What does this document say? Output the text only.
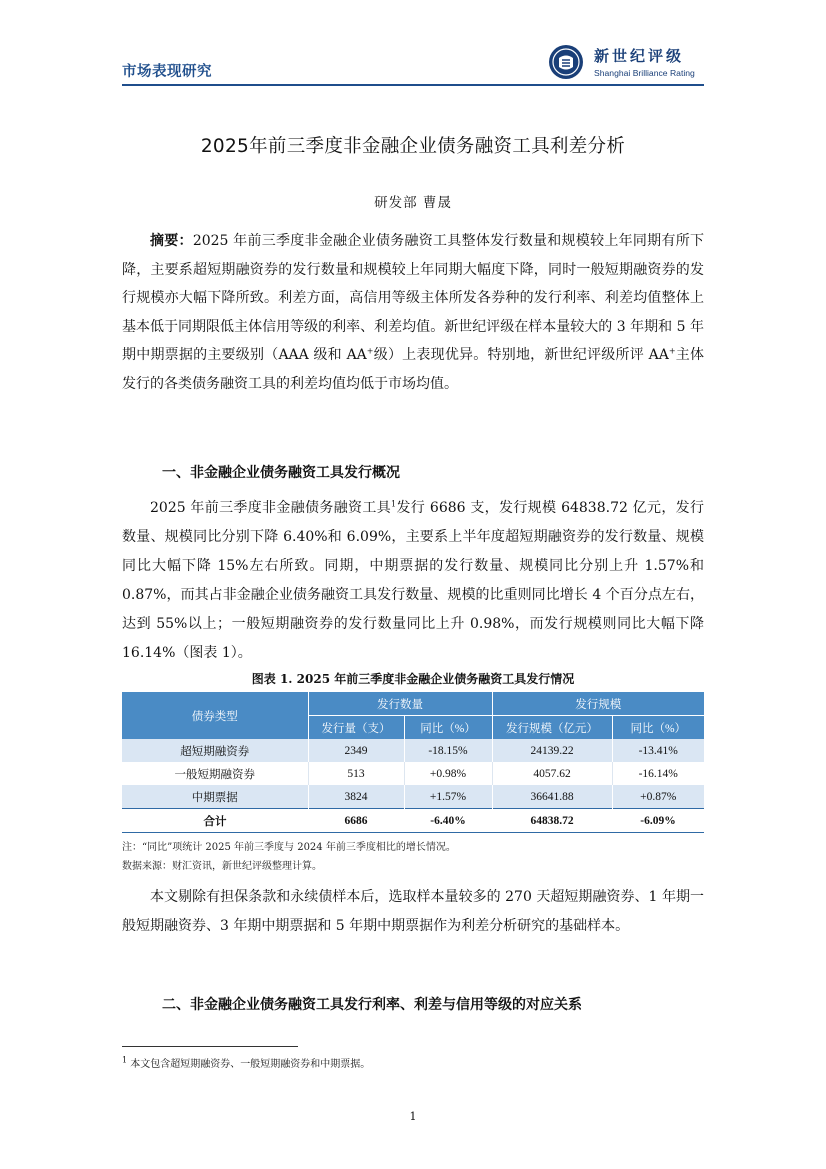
市场表现研究
新世纪评级
Shanghai Brilliance Rating
2025年前三季度非金融企业债务融资工具利差分析
研发部 曹晟
摘要：2025 年前三季度非金融企业债务融资工具整体发行数量和规模较上年同期有所下降，主要系超短期融资券的发行数量和规模较上年同期大幅度下降，同时一般短期融资券的发行规模亦大幅下降所致。利差方面，高信用等级主体所发各券种的发行利率、利差均值整体上基本低于同期限低主体信用等级的利率、利差均值。新世纪评级在样本量较大的 3 年期和 5 年期中期票据的主要级别（AAA 级和 AA+级）上表现优异。特别地，新世纪评级所评 AA+主体发行的各类债务融资工具的利差均值均低于市场均值。
一、非金融企业债务融资工具发行概况
2025 年前三季度非金融债务融资工具$^1$发行 6686 支，发行规模 64838.72 亿元，发行数量、规模同比分别下降 6.40%和 6.09%，主要系上半年度超短期融资券的发行数量、规模同比大幅下降 15%左右所致。同期，中期票据的发行数量、规模同比分别上升 1.57%和 0.87%，而其占非金融企业债务融资工具发行数量、规模的比重则同比增长 4 个百分点左右，达到 55%以上；一般短期融资券的发行数量同比上升 0.98%，而发行规模则同比大幅下降 16.14%（图表 1）。
图表 1. 2025 年前三季度非金融企业债务融资工具发行情况
债券类型	发行数量		发行规模	
	发行量（支）	同比（%）	发行规模（亿元）	同比（%）
超短期融资券	2349	-18.15%	24139.22	-13.41%
一般短期融资券	513	+0.98%	4057.62	-16.14%
中期票据	3824	+1.57%	36641.88	+0.87%
合计	6686	-6.40%	64838.72	-6.09%
注：“同比”项统计 2025 年前三季度与 2024 年前三季度相比的增长情况。
数据来源：财汇资讯，新世纪评级整理计算。
本文剔除有担保条款和永续债样本后，选取样本量较多的 270 天超短期融资券、1 年期一般短期融资券、3 年期中期票据和 5 年期中期票据作为利差分析研究的基础样本。
二、非金融企业债务融资工具发行利率、利差与信用等级的对应关系
$^1$ 本文包含超短期融资券、一般短期融资券和中期票据。
1
